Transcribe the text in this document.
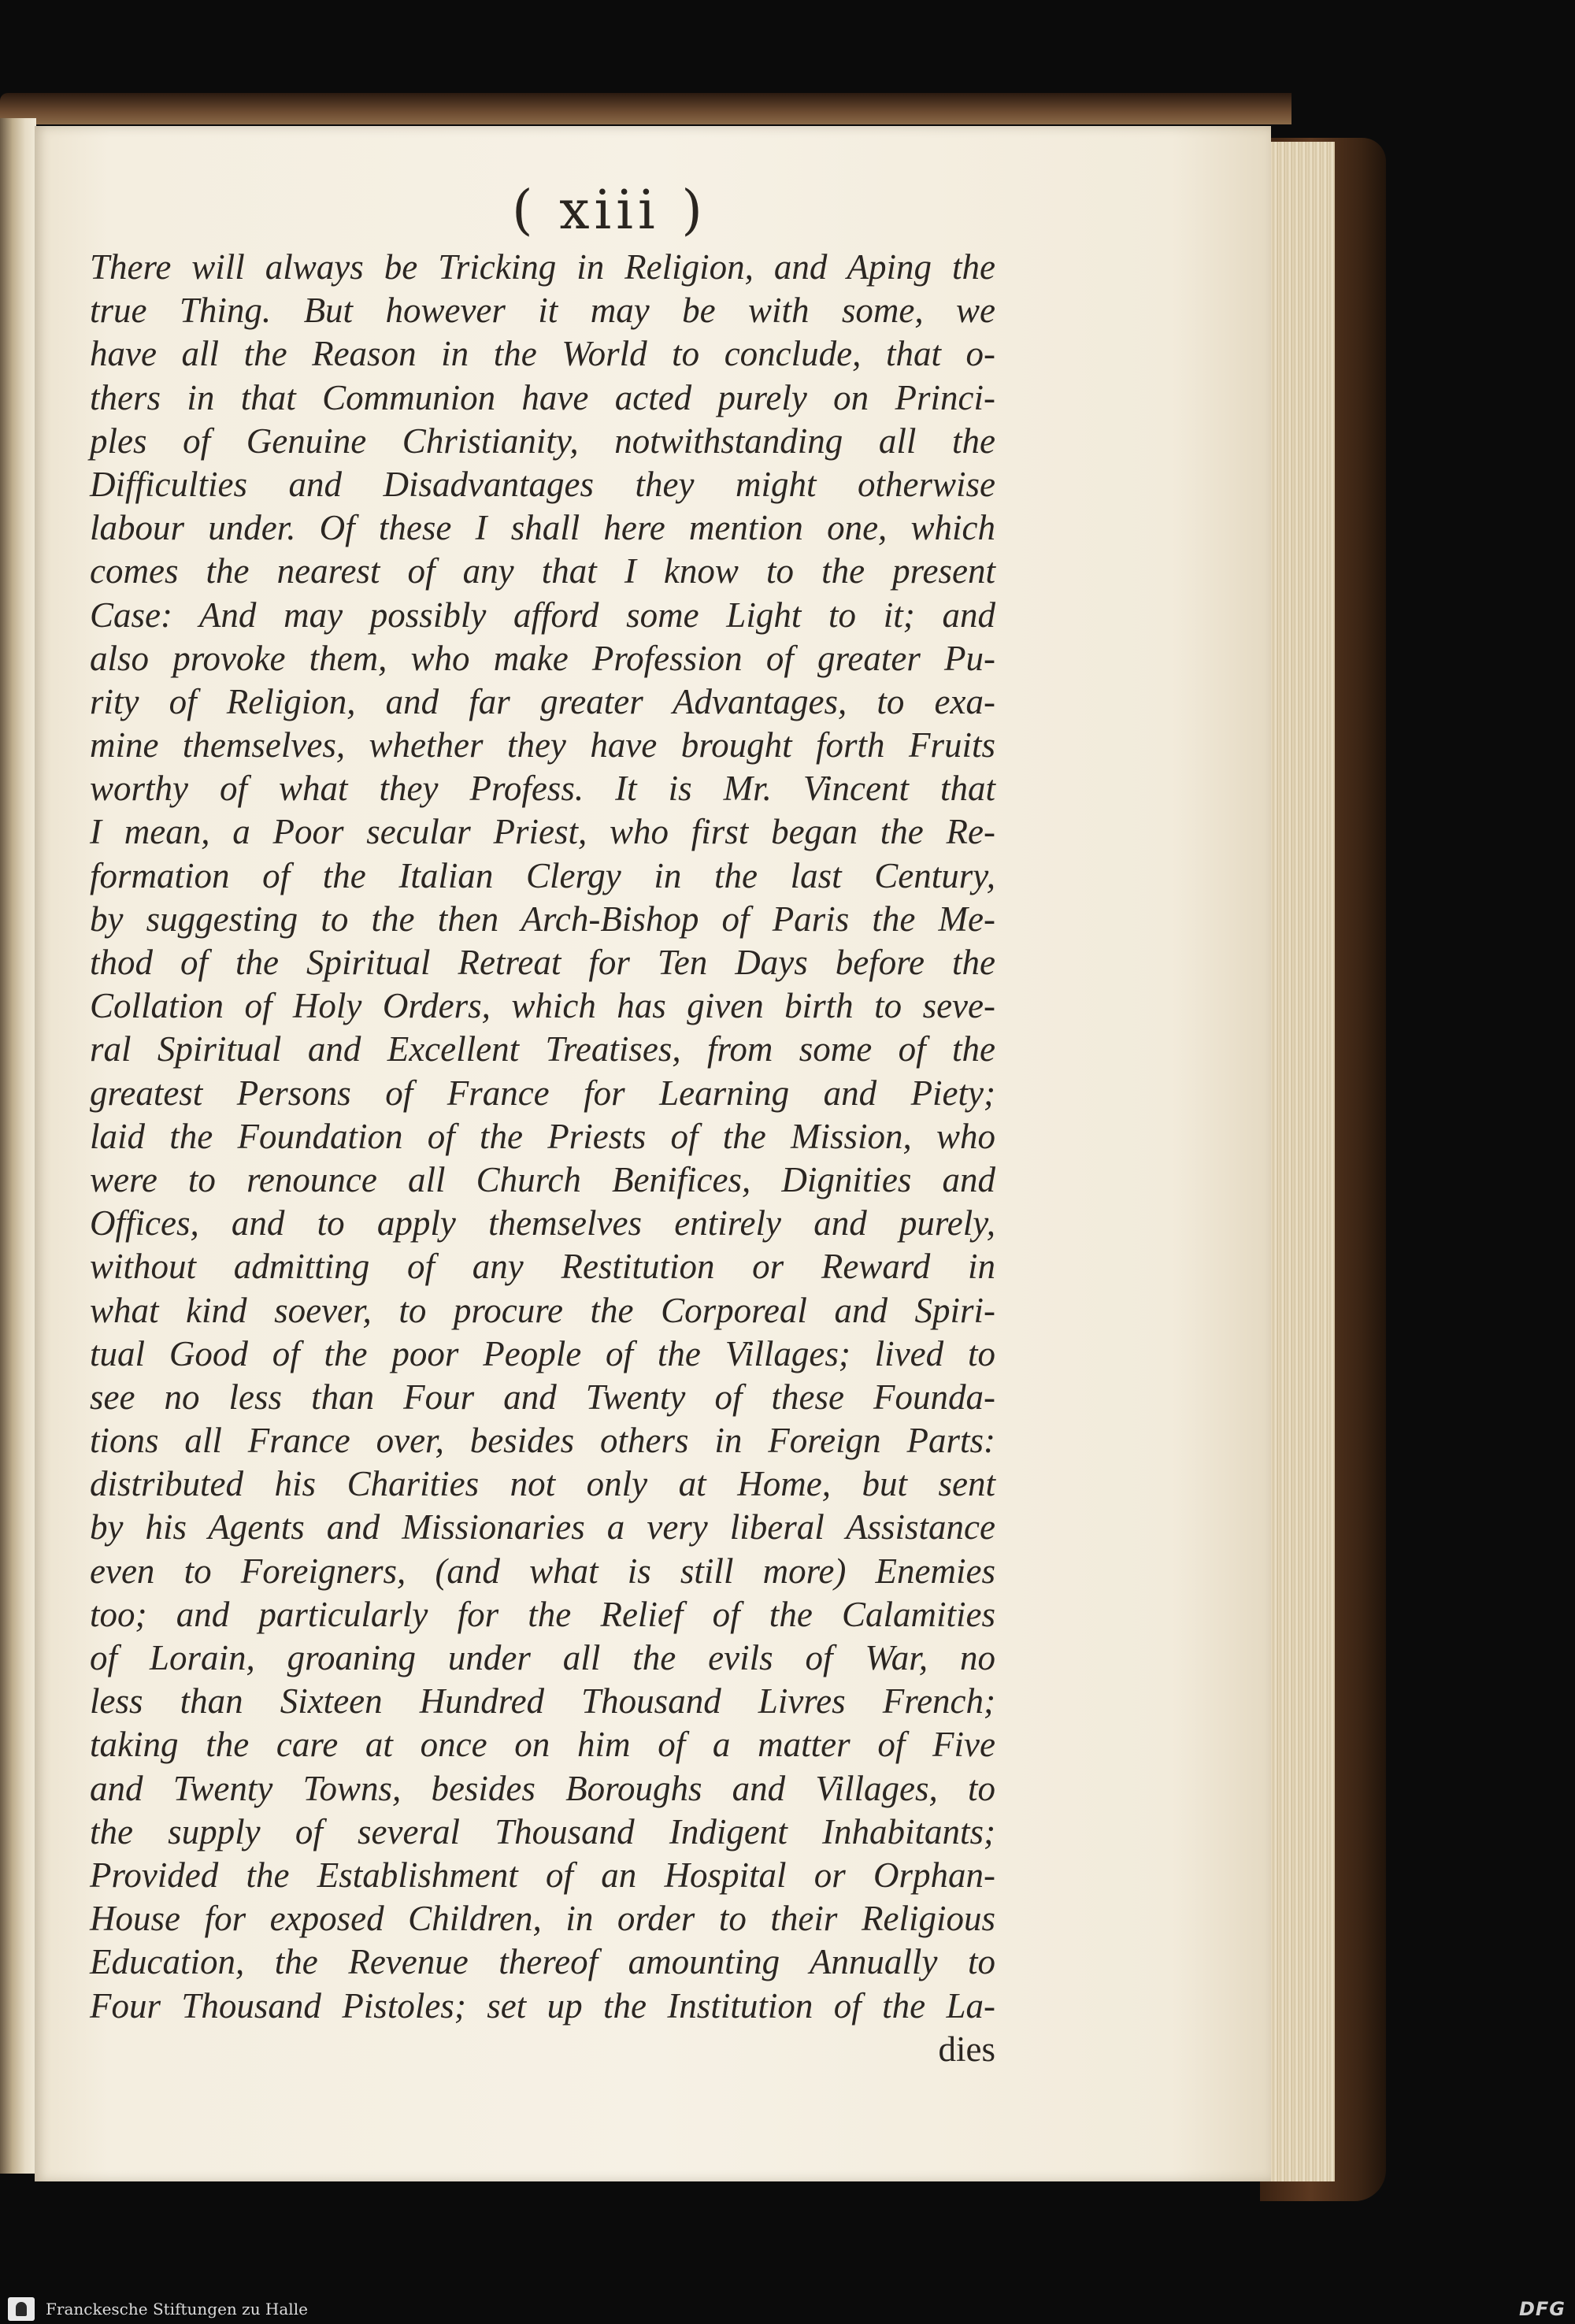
( xiii )
There will always be Tricking in Religion, and Aping the
true Thing. But however it may be with some, we
have all the Reason in the World to conclude, that o-
thers in that Communion have acted purely on Princi-
ples of Genuine Christianity, notwithstanding all the
Difficulties and Disadvantages they might otherwise
labour under. Of these I shall here mention one, which
comes the nearest of any that I know to the present
Case: And may possibly afford some Light to it; and
also provoke them, who make Profession of greater Pu-
rity of Religion, and far greater Advantages, to exa-
mine themselves, whether they have brought forth Fruits
worthy of what they Profess. It is Mr. Vincent that
I mean, a Poor secular Priest, who first began the Re-
formation of the Italian Clergy in the last Century,
by suggesting to the then Arch-Bishop of Paris the Me-
thod of the Spiritual Retreat for Ten Days before the
Collation of Holy Orders, which has given birth to seve-
ral Spiritual and Excellent Treatises, from some of the
greatest Persons of France for Learning and Piety;
laid the Foundation of the Priests of the Mission, who
were to renounce all Church Benifices, Dignities and
Offices, and to apply themselves entirely and purely,
without admitting of any Restitution or Reward in
what kind soever, to procure the Corporeal and Spiri-
tual Good of the poor People of the Villages; lived to
see no less than Four and Twenty of these Founda-
tions all France over, besides others in Foreign Parts:
distributed his Charities not only at Home, but sent
by his Agents and Missionaries a very liberal Assistance
even to Foreigners, (and what is still more) Enemies
too; and particularly for the Relief of the Calamities
of Lorain, groaning under all the evils of War, no
less than Sixteen Hundred Thousand Livres French;
taking the care at once on him of a matter of Five
and Twenty Towns, besides Boroughs and Villages, to
the supply of several Thousand Indigent Inhabitants;
Provided the Establishment of an Hospital or Orphan-
House for exposed Children, in order to their Religious
Education, the Revenue thereof amounting Annually to
Four Thousand Pistoles; set up the Institution of the La-
dies
Franckesche Stiftungen zu Halle	DFG
